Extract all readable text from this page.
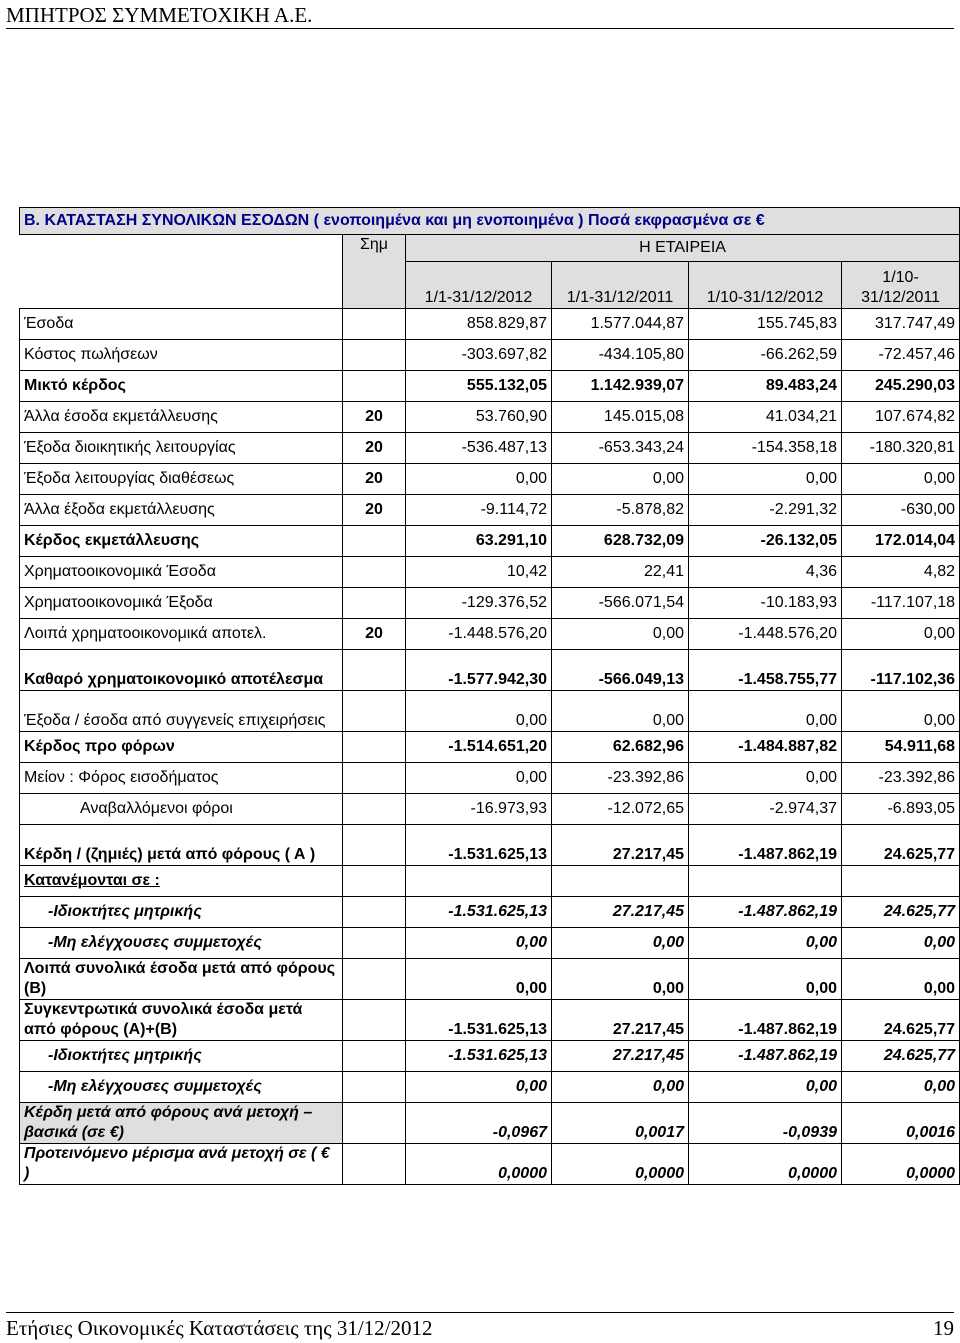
ΜΠΗΤΡΟΣ ΣΥΜΜΕΤΟΧΙΚΗ Α.Ε.
Β. ΚΑΤΑΣΤΑΣΗ ΣΥΝΟΛΙΚΩΝ ΕΣΟΔΩΝ ( ενοποιημένα και μη ενοποιημένα ) Ποσά εκφρασμένα σε €					
	Σημ	Η ΕΤΑΙΡΕΙΑ			
		1/1-31/12/2012	1/1-31/12/2011	1/10-31/12/2012	1/10-31/12/2011
Έσοδα		858.829,87	1.577.044,87	155.745,83	317.747,49
Κόστος πωλήσεων		-303.697,82	-434.105,80	-66.262,59	-72.457,46
Μικτό κέρδος		555.132,05	1.142.939,07	89.483,24	245.290,03
Άλλα έσοδα εκμετάλλευσης	20	53.760,90	145.015,08	41.034,21	107.674,82
Έξοδα διοικητικής λειτουργίας	20	-536.487,13	-653.343,24	-154.358,18	-180.320,81
Έξοδα λειτουργίας διαθέσεως	20	0,00	0,00	0,00	0,00
Άλλα έξοδα εκμετάλλευσης	20	-9.114,72	-5.878,82	-2.291,32	-630,00
Κέρδος εκμετάλλευσης		63.291,10	628.732,09	-26.132,05	172.014,04
Χρηματοοικονομικά Έσοδα		10,42	22,41	4,36	4,82
Χρηματοοικονομικά Έξοδα		-129.376,52	-566.071,54	-10.183,93	-117.107,18
Λοιπά χρηματοοικονομικά αποτελ.	20	-1.448.576,20	0,00	-1.448.576,20	0,00
Καθαρό χρηματοικονομικό αποτέλεσμα		-1.577.942,30	-566.049,13	-1.458.755,77	-117.102,36
Έξοδα / έσοδα από συγγενείς επιχειρήσεις		0,00	0,00	0,00	0,00
Κέρδος προ φόρων		-1.514.651,20	62.682,96	-1.484.887,82	54.911,68
Μείον : Φόρος εισοδήματος		0,00	-23.392,86	0,00	-23.392,86
Αναβαλλόμενοι φόροι		-16.973,93	-12.072,65	-2.974,37	-6.893,05
Κέρδη / (ζημιές) μετά από φόρους ( Α )		-1.531.625,13	27.217,45	-1.487.862,19	24.625,77
Κατανέμονται σε :					
-Ιδιοκτήτες μητρικής		-1.531.625,13	27.217,45	-1.487.862,19	24.625,77
-Μη ελέγχουσες συμμετοχές		0,00	0,00	0,00	0,00
Λοιπά συνολικά έσοδα μετά από φόρους (Β)		0,00	0,00	0,00	0,00
Συγκεντρωτικά συνολικά έσοδα μετά από φόρους (Α)+(Β)		-1.531.625,13	27.217,45	-1.487.862,19	24.625,77
-Ιδιοκτήτες μητρικής		-1.531.625,13	27.217,45	-1.487.862,19	24.625,77
-Μη ελέγχουσες συμμετοχές		0,00	0,00	0,00	0,00
Κέρδη μετά από φόρους ανά μετοχή – βασικά (σε €)		-0,0967	0,0017	-0,0939	0,0016
Προτεινόμενο μέρισμα ανά μετοχή σε ( € )		0,0000	0,0000	0,0000	0,0000
Ετήσιες Οικονομικές Καταστάσεις της 31/12/2012	19
